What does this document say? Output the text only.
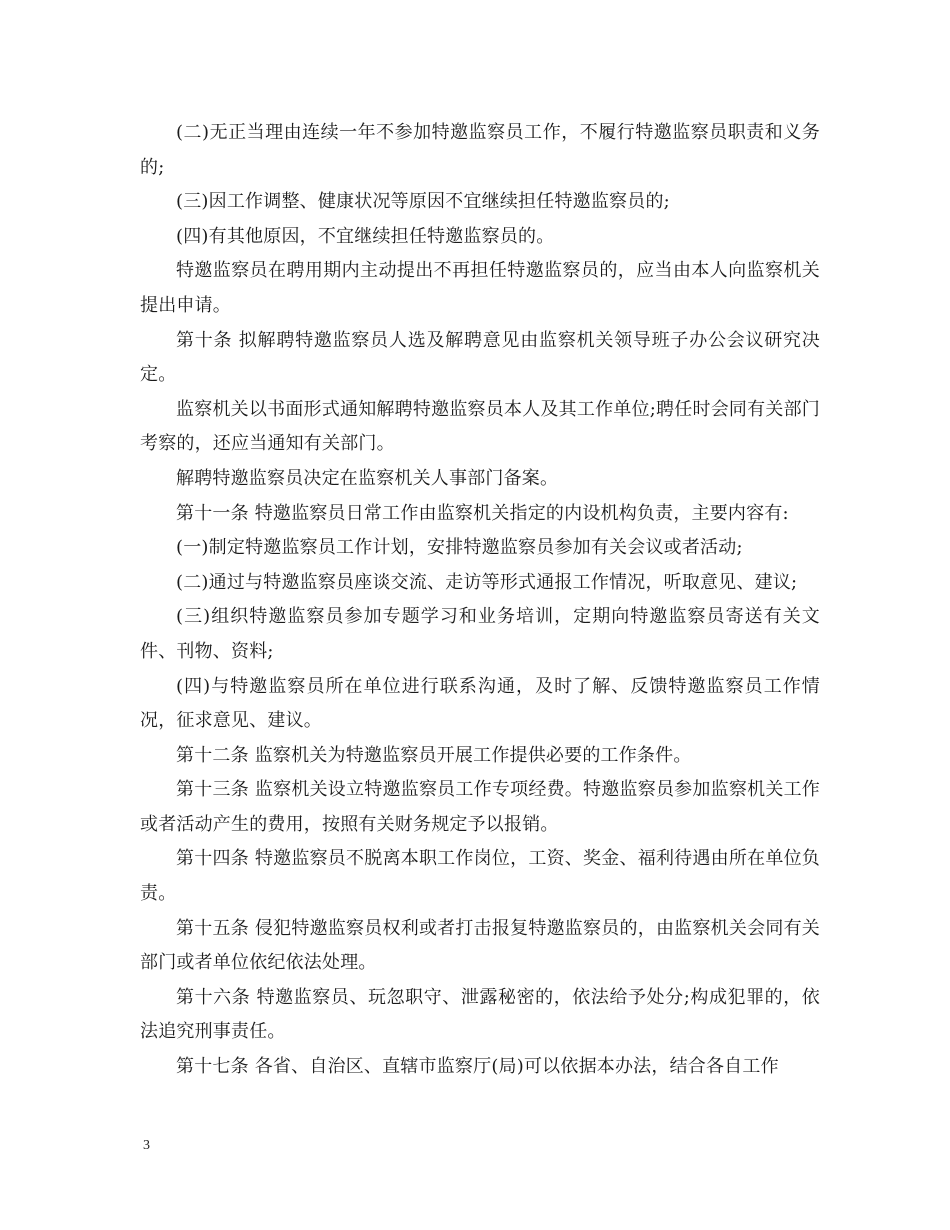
(二)无正当理由连续一年不参加特邀监察员工作，不履行特邀监察员职责和义务的;

(三)因工作调整、健康状况等原因不宜继续担任特邀监察员的;

(四)有其他原因，不宜继续担任特邀监察员的。

特邀监察员在聘用期内主动提出不再担任特邀监察员的，应当由本人向监察机关提出申请。

第十条 拟解聘特邀监察员人选及解聘意见由监察机关领导班子办公会议研究决定。

监察机关以书面形式通知解聘特邀监察员本人及其工作单位;聘任时会同有关部门考察的，还应当通知有关部门。

解聘特邀监察员决定在监察机关人事部门备案。

第十一条 特邀监察员日常工作由监察机关指定的内设机构负责，主要内容有:

(一)制定特邀监察员工作计划，安排特邀监察员参加有关会议或者活动;

(二)通过与特邀监察员座谈交流、走访等形式通报工作情况，听取意见、建议;

(三)组织特邀监察员参加专题学习和业务培训，定期向特邀监察员寄送有关文件、刊物、资料;

(四)与特邀监察员所在单位进行联系沟通，及时了解、反馈特邀监察员工作情况，征求意见、建议。

第十二条 监察机关为特邀监察员开展工作提供必要的工作条件。

第十三条 监察机关设立特邀监察员工作专项经费。特邀监察员参加监察机关工作或者活动产生的费用，按照有关财务规定予以报销。

第十四条 特邀监察员不脱离本职工作岗位，工资、奖金、福利待遇由所在单位负责。

第十五条 侵犯特邀监察员权利或者打击报复特邀监察员的，由监察机关会同有关部门或者单位依纪依法处理。

第十六条 特邀监察员、玩忽职守、泄露秘密的，依法给予处分;构成犯罪的，依法追究刑事责任。

第十七条 各省、自治区、直辖市监察厅(局)可以依据本办法，结合各自工作

3
